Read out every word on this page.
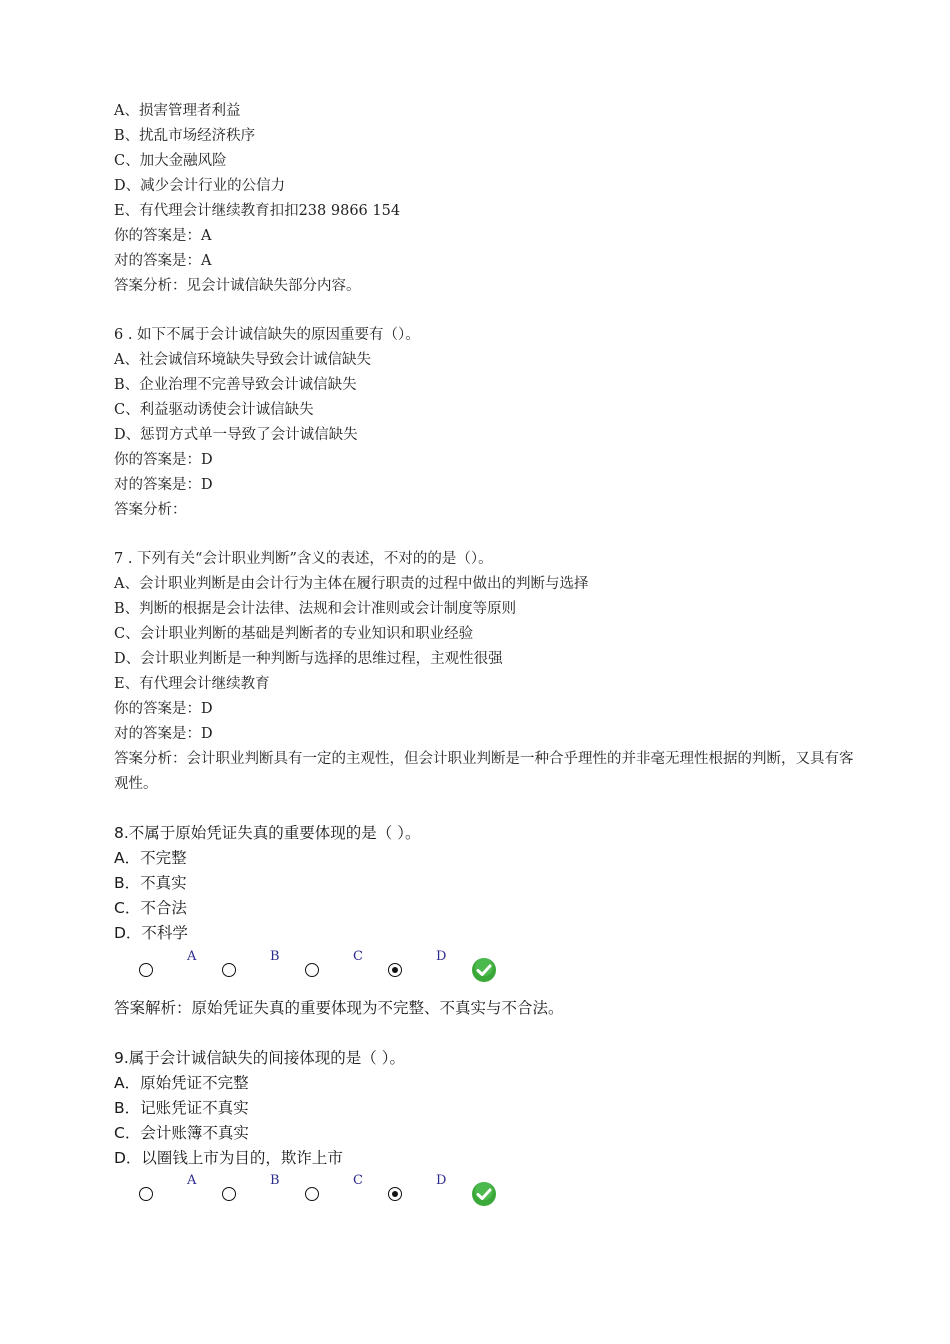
A、损害管理者利益
B、扰乱市场经济秩序
C、加大金融风险
D、减少会计行业的公信力
E、有代理会计继续教育扣扣238 9866 154
你的答案是：A
对的答案是：A
答案分析：见会计诚信缺失部分内容。
6 . 如下不属于会计诚信缺失的原因重要有（）。
A、社会诚信环境缺失导致会计诚信缺失
B、企业治理不完善导致会计诚信缺失
C、利益驱动诱使会计诚信缺失
D、惩罚方式单一导致了会计诚信缺失
你的答案是：D
对的答案是：D
答案分析：
7 . 下列有关“会计职业判断”含义的表述，不对的的是（）。
A、会计职业判断是由会计行为主体在履行职责的过程中做出的判断与选择
B、判断的根据是会计法律、法规和会计准则或会计制度等原则
C、会计职业判断的基础是判断者的专业知识和职业经验
D、会计职业判断是一种判断与选择的思维过程，主观性很强
E、有代理会计继续教育
你的答案是：D
对的答案是：D
答案分析：会计职业判断具有一定的主观性，但会计职业判断是一种合乎理性的并非毫无理性根据的判断，又具有客观性。
8.不属于原始凭证失真的重要体现的是（ ）。
A．不完整
B．不真实
C．不合法
D．不科学
A	B	C	D
答案解析：原始凭证失真的重要体现为不完整、不真实与不合法。
9.属于会计诚信缺失的间接体现的是（ ）。
A．原始凭证不完整
B．记账凭证不真实
C．会计账簿不真实
D．以圈钱上市为目的，欺诈上市
A	B	C	D
